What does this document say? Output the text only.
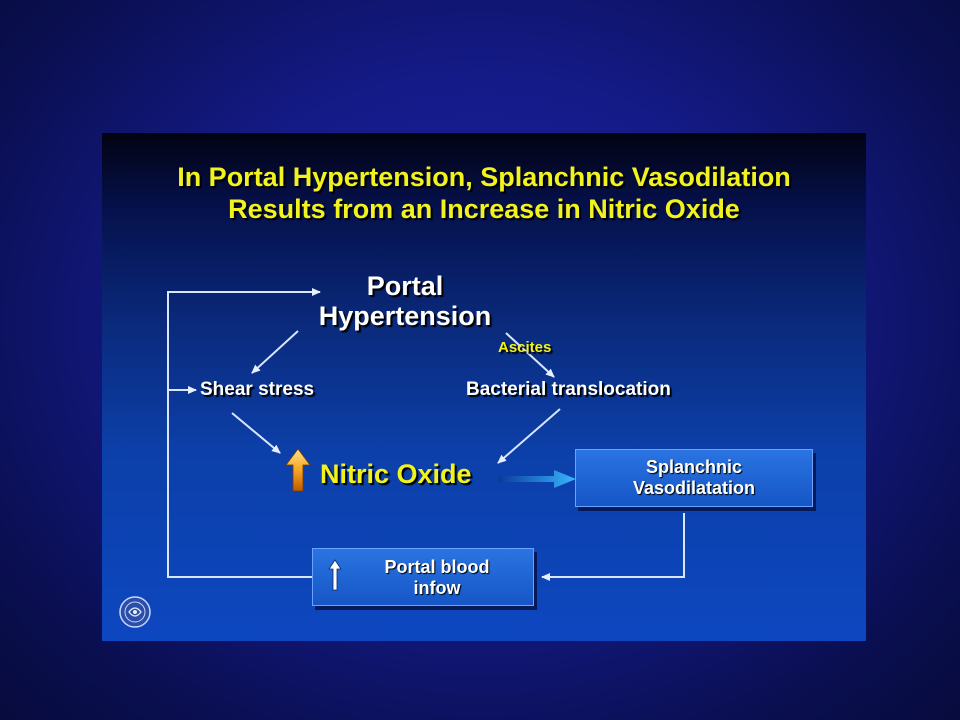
In Portal Hypertension, Splanchnic Vasodilation
Results from an Increase in Nitric Oxide
Portal
Hypertension
Ascites
Shear stress	Bacterial translocation
Nitric Oxide	Splanchnic
Vasodilatation
Portal blood
infow
